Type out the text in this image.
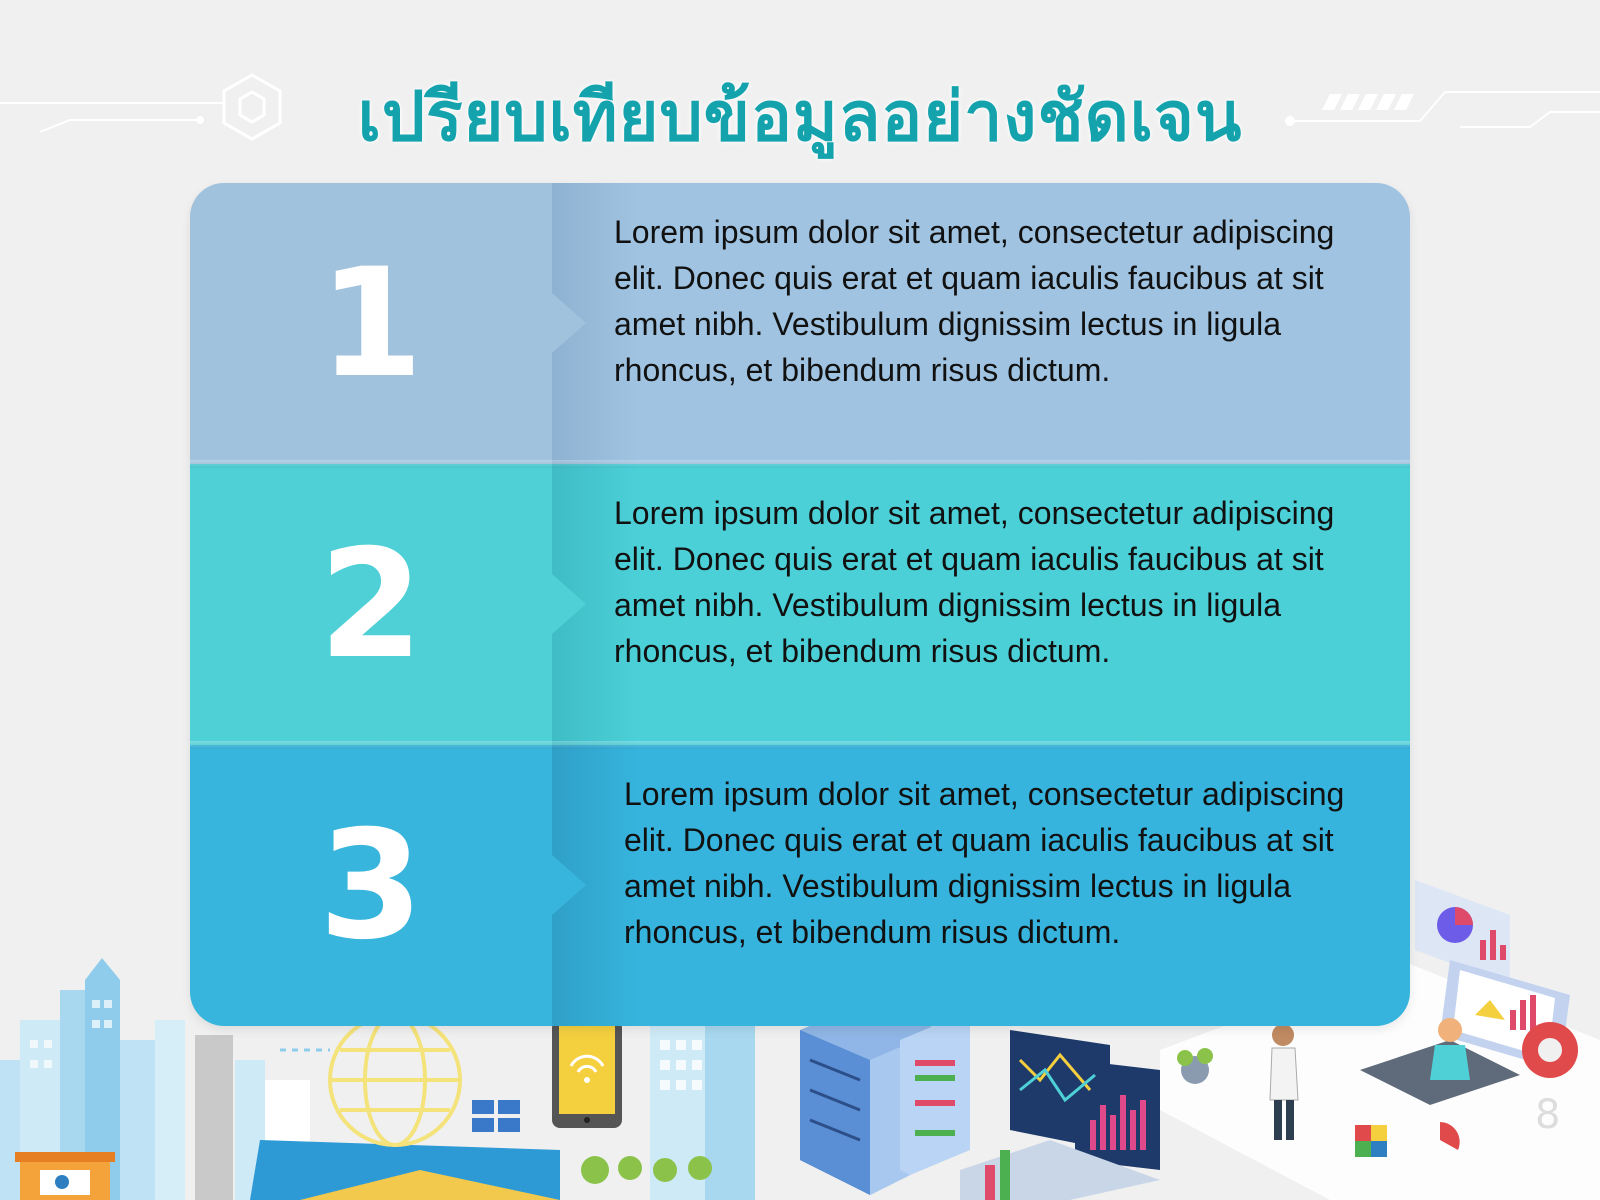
8
เปรียบเทียบข้อมูลอย่างชัดเจน
1
Lorem ipsum dolor sit amet, consectetur adipiscing elit. Donec quis erat et quam iaculis faucibus at sit amet nibh. Vestibulum dignissim lectus in ligula rhoncus, et bibendum risus dictum.
2
Lorem ipsum dolor sit amet, consectetur adipiscing elit. Donec quis erat et quam iaculis faucibus at sit amet nibh. Vestibulum dignissim lectus in ligula rhoncus, et bibendum risus dictum.
3
Lorem ipsum dolor sit amet, consectetur adipiscing elit. Donec quis erat et quam iaculis faucibus at sit amet nibh. Vestibulum dignissim lectus in ligula rhoncus, et bibendum risus dictum.
